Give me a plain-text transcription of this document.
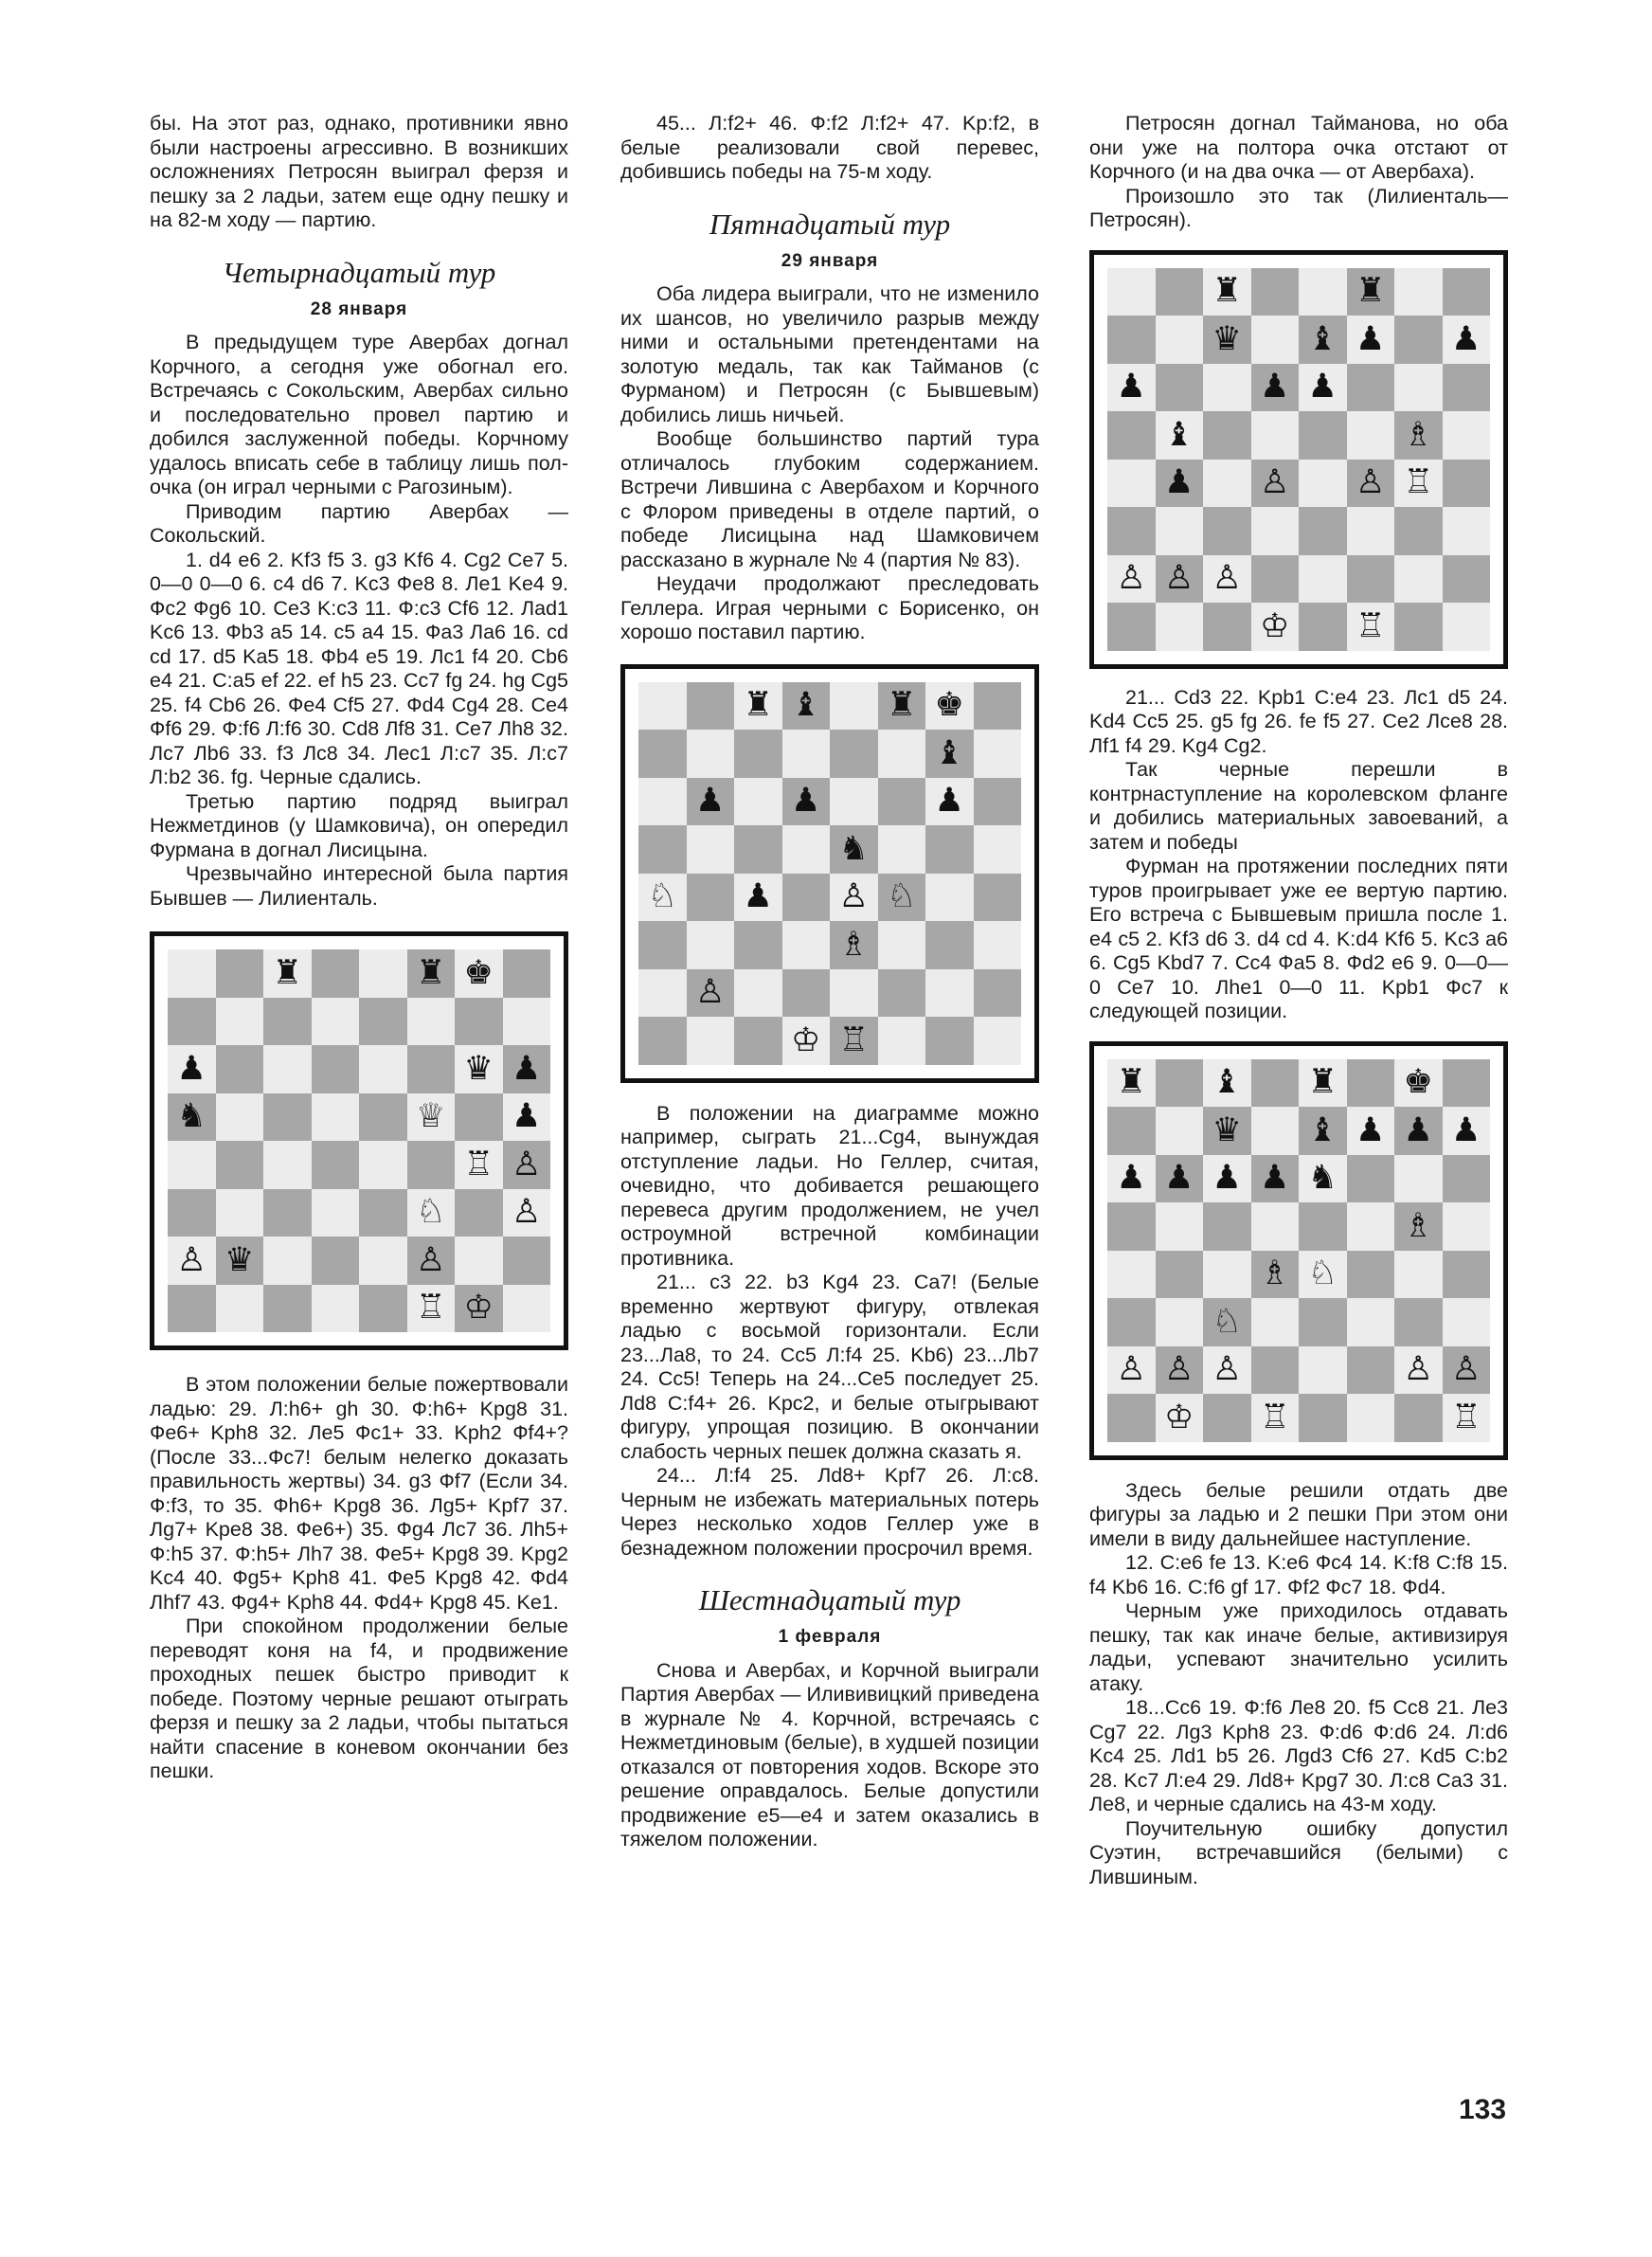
бы. На этот раз, однако, противники явно были настроены агрессивно. В возникших осложнениях Петросян выиграл ферзя и пешку за 2 ладьи, затем еще одну пешку и на 82-м ходу — партию.

Четырнадцатый тур
28 января

В предыдущем туре Авербах догнал Корчного, а сегодня уже обогнал его. Встречаясь с Сокольским, Авербах сильно и последовательно провел партию и добился заслуженной победы. Корчному удалось вписать себе в таблицу лишь пол-очка (он играл черными с Рагозиным).

Приводим партию Авербах — Сокольский.

1. d4 e6 2. Kf3 f5 3. g3 Kf6 4. Cg2 Ce7 5. 0—0 0—0 6. c4 d6 7. Kc3 Фe8 8. Лe1 Ke4 9. Фc2 Фg6 10. Ce3 K:c3 11. Ф:c3 Cf6 12. Лad1 Kc6 13. Фb3 a5 14. c5 a4 15. Фa3 Лa6 16. cd cd 17. d5 Ka5 18. Фb4 e5 19. Лc1 f4 20. Cb6 e4 21. C:a5 ef 22. ef h5 23. Cc7 fg 24. hg Cg5 25. f4 Cb6 26. Фe4 Cf5 27. Фd4 Cg4 28. Ce4 Фf6 29. Ф:f6 Л:f6 30. Cd8 Лf8 31. Ce7 Лh8 32. Лc7 Лb6 33. f3 Лc8 34. Лec1 Л:c7 35. Л:c7 Л:b2 36. fg. Черные сдались.

Третью партию подряд выиграл Нежметдинов (у Шамковича), он опередил Фурмана в догнал Лисицына.

Чрезвычайно интересной была партия Бывшев — Лилиенталь.

♜	♜ ♚
♟	♛ ♟
♞	♕ ♟
♖ ♙
♘ ♙
♙ ♛	♙
♖ ♔

В этом положении белые пожертвовали ладью: 29. Л:h6+ gh 30. Ф:h6+ Kpg8 31. Фe6+ Kph8 32. Лe5 Фc1+ 33. Kph2 Фf4+? (После 33...Фc7! белым нелегко доказать правильность жертвы) 34. g3 Фf7 (Если 34. Ф:f3, то 35. Фh6+ Kpg8 36. Лg5+ Kpf7 37. Лg7+ Kpe8 38. Фe6+) 35. Фg4 Лc7 36. Лh5+ Ф:h5 37. Ф:h5+ Лh7 38. Фe5+ Kpg8 39. Kpg2 Kc4 40. Фg5+ Kph8 41. Фe5 Kpg8 42. Фd4 Лhf7 43. Фg4+ Kph8 44. Фd4+ Kpg8 45. Ke1.

При спокойном продолжении белые переводят коня на f4, и продвижение проходных пешек быстро приводит к победе. Поэтому черные решают отыграть ферзя и пешку за 2 ладьи, чтобы пытаться найти спасение в коневом окончании без пешки.

45... Л:f2+ 46. Ф:f2 Л:f2+ 47. Kp:f2, в белые реализовали свой перевес, добившись победы на 75-м ходу.

Пятнадцатый тур
29 января

Оба лидера выиграли, что не изменило их шансов, но увеличило разрыв между ними и остальными претендентами на золотую медаль, так как Тайманов (с Фурманом) и Петросян (с Бывшевым) добились лишь ничьей.

Вообще большинство партий тура отличалось глубоким содержанием. Встречи Лившина с Авербахом и Корчного с Флором приведены в отделе партий, о победе Лисицына над Шамковичем рассказано в журнале № 4 (партия № 83).

Неудачи продолжают преследовать Геллера. Играя черными с Борисенко, он хорошо поставил партию.

♜ ♝ ♜ ♚
♝
♟ ♟	♟
♞
♘ ♟ ♙ ♘
♗
♙
♔ ♖

В положении на диаграмме можно например, сыграть 21...Cg4, вынуждая отступление ладьи. Но Геллер, считая, очевидно, что добивается решающего перевеса другим продолжением, не учел остроумной встречной комбинации противника.

21... c3 22. b3 Kg4 23. Ca7! (Белые временно жертвуют фигуру, отвлекая ладью с восьмой горизонтали. Если 23...Лa8, то 24. Cc5 Л:f4 25. Kb6) 23...Лb7 24. Cc5! Теперь на 24...Ce5 последует 25. Лd8 C:f4+ 26. Kpc2, и белые отыгрывают фигуру, упрощая позицию. В окончании слабость черных пешек должна сказать я.

24... Л:f4 25. Лd8+ Kpf7 26. Л:c8. Черным не избежать материальных потерь Через несколько ходов Геллер уже в безнадежном положении просрочил время.

Шестнадцатый тур
1 февраля

Снова и Авербах, и Корчной выиграли Партия Авербах — Илививицкий приведена в журнале № 4. Корчной, встречаясь с Нежметдиновым (белые), в худшей позиции отказался от повторения ходов. Вскоре это решение оправдалось. Белые допустили продвижение e5—e4 и затем оказались в тяжелом положении.

Петросян догнал Тайманова, но оба они уже на полтора очка отстают от Корчного (и на два очка — от Авербаха).

Произошло это так (Лилиенталь—Петросян).

♜	♜
♛ ♝ ♟ ♟
♟	♟ ♟
♝	♗
♟ ♙ ♙ ♖
♙ ♙ ♙
♔ ♖

21... Cd3 22. Kpb1 C:e4 23. Лc1 d5 24. Kd4 Cc5 25. g5 fg 26. fe f5 27. Ce2 Лce8 28. Лf1 f4 29. Kg4 Cg2.

Так черные перешли в контрнаступление на королевском фланге и добились материальных завоеваний, а затем и победы

Фурман на протяжении последних пяти туров проигрывает уже ее вертую партию. Его встреча с Бывшевым пришла после 1. e4 c5 2. Kf3 d6 3. d4 cd 4. K:d4 Kf6 5. Kc3 a6 6. Cg5 Kbd7 7. Cc4 Фa5 8. Фd2 e6 9. 0—0—0 Ce7 10. Лhe1 0—0 11. Kpb1 Фc7 к следующей позиции.

♜ ♝ ♜ ♚
♛ ♝ ♟ ♟ ♟
♟ ♟ ♟ ♟ ♞
♗
♗ ♘
♘
♙ ♙ ♙	♙ ♙
♔ ♖	♖

Здесь белые решили отдать две фигуры за ладью и 2 пешки При этом они имели в виду дальнейшее наступление.

12. C:e6 fe 13. K:e6 Фc4 14. K:f8 C:f8 15. f4 Kb6 16. C:f6 gf 17. Фf2 Фc7 18. Фd4.

Черным уже приходилось отдавать пешку, так как иначе белые, активизируя ладьи, успевают значительно усилить атаку.

18...Cc6 19. Ф:f6 Лe8 20. f5 Cc8 21. Лe3 Cg7 22. Лg3 Kph8 23. Ф:d6 Ф:d6 24. Л:d6 Kc4 25. Лd1 b5 26. Лgd3 Cf6 27. Kd5 C:b2 28. Kc7 Л:e4 29. Лd8+ Kpg7 30. Л:c8 Ca3 31. Лe8, и черные сдались на 43-м ходу.

Поучительную ошибку допустил Суэтин, встречавшийся (белыми) с Лившиным.

133
